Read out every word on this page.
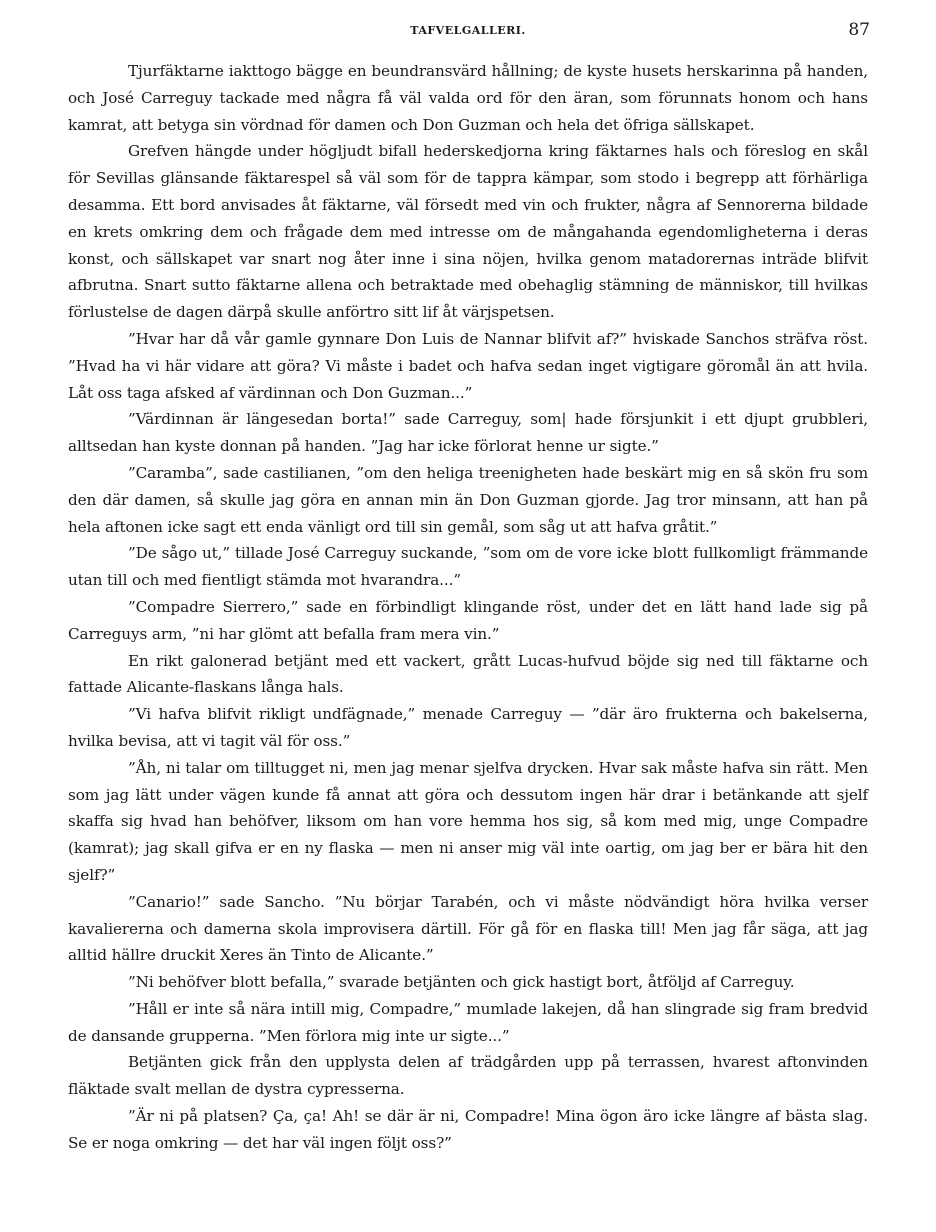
TAFVELGALLERI.	87

Tjurfäktarne iakttogo bägge en beundransvärd hållning; de kyste husets herskarinna på handen, och José Carreguy tackade med några få väl valda ord för den äran, som förunnats honom och hans kamrat, att betyga sin vördnad för damen och Don Guzman och hela det öfriga sällskapet.

Grefven hängde under högljudt bifall hederskedjorna kring fäktarnes hals och föreslog en skål för Sevillas glänsande fäktarespel så väl som för de tappra kämpar, som stodo i begrepp att förhärliga desamma. Ett bord anvisades åt fäktarne, väl försedt med vin och frukter, några af Sennorerna bildade en krets omkring dem och frågade dem med intresse om de mångahanda egendomligheterna i deras konst, och sällskapet var snart nog åter inne i sina nöjen, hvilka genom matadorernas inträde blifvit afbrutna. Snart sutto fäktarne allena och betraktade med obehaglig stämning de människor, till hvilkas förlustelse de dagen därpå skulle anförtro sitt lif åt värjspetsen.

”Hvar har då vår gamle gynnare Don Luis de Nannar blifvit af?” hviskade Sanchos sträfva röst. ”Hvad ha vi här vidare att göra? Vi måste i badet och hafva sedan inget vigtigare göromål än att hvila. Låt oss taga afsked af värdinnan och Don Guzman...”

”Värdinnan är längesedan borta!” sade Carreguy, som| hade försjunkit i ett djupt grubbleri, alltsedan han kyste donnan på handen. ”Jag har icke förlorat henne ur sigte.”

”Caramba”, sade castilianen, ”om den heliga treenigheten hade beskärt mig en så skön fru som den där damen, så skulle jag göra en annan min än Don Guzman gjorde. Jag tror minsann, att han på hela aftonen icke sagt ett enda vänligt ord till sin gemål, som såg ut att hafva gråtit.”

”De sågo ut,” tillade José Carreguy suckande, ”som om de vore icke blott fullkomligt främmande utan till och med fientligt stämda mot hvarandra...”

”Compadre Sierrero,” sade en förbindligt klingande röst, under det en lätt hand lade sig på Carreguys arm, ”ni har glömt att befalla fram mera vin.”

En rikt galonerad betjänt med ett vackert, grått Lucas-hufvud böjde sig ned till fäktarne och fattade Alicante-flaskans långa hals.

”Vi hafva blifvit rikligt undfägnade,” menade Carreguy — ”där äro frukterna och bakelserna, hvilka bevisa, att vi tagit väl för oss.”

”Åh, ni talar om tilltugget ni, men jag menar sjelfva drycken. Hvar sak måste hafva sin rätt. Men som jag lätt under vägen kunde få annat att göra och dessutom ingen här drar i betänkande att sjelf skaffa sig hvad han behöfver, liksom om han vore hemma hos sig, så kom med mig, unge Compadre (kamrat); jag skall gifva er en ny flaska — men ni anser mig väl inte oartig, om jag ber er bära hit den sjelf?”

”Canario!” sade Sancho. ”Nu börjar Tarabén, och vi måste nödvändigt höra hvilka verser kavaliererna och damerna skola improvisera därtill. För gå för en flaska till! Men jag får säga, att jag alltid hällre druckit Xeres än Tinto de Alicante.”

”Ni behöfver blott befalla,” svarade betjänten och gick hastigt bort, åtföljd af Carreguy.

”Håll er inte så nära intill mig, Compadre,” mumlade lakejen, då han slingrade sig fram bredvid de dansande grupperna. ”Men förlora mig inte ur sigte...”

Betjänten gick från den upplysta delen af trädgården upp på terrassen, hvarest aftonvinden fläktade svalt mellan de dystra cypresserna.

”Är ni på platsen? Ça, ça! Ah! se där är ni, Compadre! Mina ögon äro icke längre af bästa slag. Se er noga omkring — det har väl ingen följt oss?”
